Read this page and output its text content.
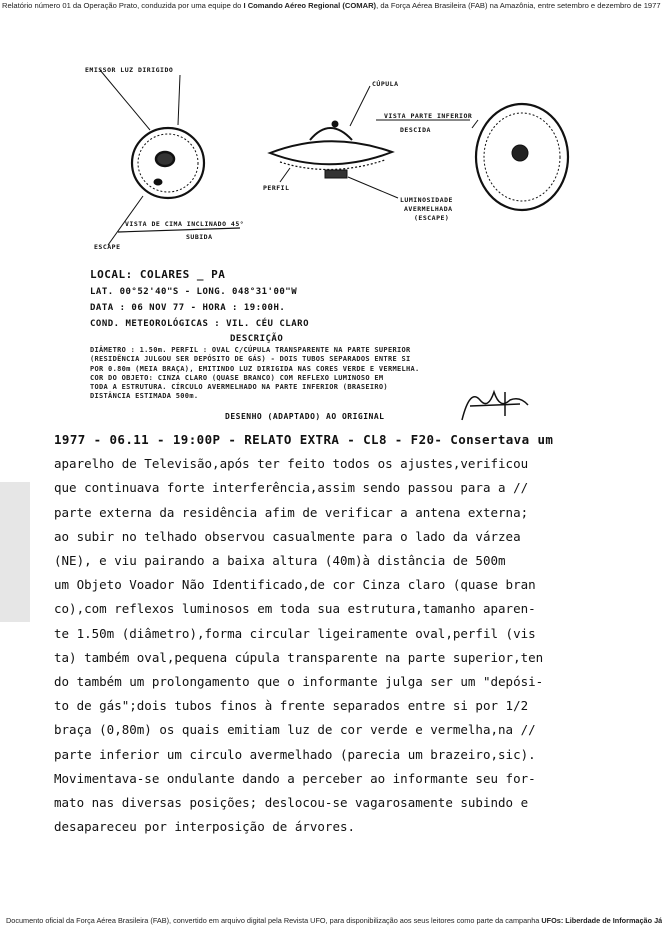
Relatório número 01 da Operação Prato, conduzida por uma equipe do I Comando Aéreo Regional (COMAR), da Força Aérea Brasileira (FAB) na Amazônia, entre setembro e dezembro de 1977
EMISSOR LUZ DIRIGIDO
CÚPULA
VISTA PARTE INFERIOR
DESCIDA
PERFIL
LUMINOSIDADE
AVERMELHADA
(ESCAPE)
VISTA DE CIMA INCLINADO 45°
SUBIDA
ESCAPE
LOCAL: COLARES _ PA
LAT. 00°52'40"S - LONG. 048°31'00"W
DATA : 06 NOV 77 - HORA : 19:00H.
COND. METEOROLÓGICAS : VIL. CÉU CLARO
DESCRIÇÃO
DIÂMETRO : 1.50m. PERFIL : OVAL C/CÚPULA TRANSPARENTE NA PARTE SUPERIOR
(RESIDÊNCIA JULGOU SER DEPÓSITO DE GÁS) - DOIS TUBOS SEPARADOS ENTRE SI
POR 0.80m (MEIA BRAÇA), EMITINDO LUZ DIRIGIDA NAS CORES VERDE E VERMELHA.
COR DO OBJETO: CINZA CLARO (QUASE BRANCO) COM REFLEXO LUMINOSO EM
TODA A ESTRUTURA. CÍRCULO AVERMELHADO NA PARTE INFERIOR (BRASEIRO)
DISTÂNCIA ESTIMADA 500m.
DESENHO (ADAPTADO) AO ORIGINAL
1977 - 06.11 - 19:00P - RELATO EXTRA - CL8 - F20- Consertava um
aparelho de Televisão,após ter feito todos os ajustes,verificou
que continuava forte interferência,assim sendo passou para a //
parte externa da residência afim de verificar a antena externa;
ao subir no telhado observou casualmente para o lado da várzea
(NE), e viu pairando a baixa altura (40m)à distância de 500m
um Objeto Voador Não Identificado,de cor Cinza claro (quase bran
co),com reflexos luminosos em toda sua estrutura,tamanho aparen-
te 1.50m (diâmetro),forma circular ligeiramente oval,perfil (vis
ta) também oval,pequena cúpula transparente na parte superior,ten
do também um prolongamento que o informante julga ser um "depósi-
to de gás";dois tubos finos à frente separados entre si por 1/2
braça (0,80m) os quais emitiam luz de cor verde e vermelha,na //
parte inferior um circulo avermelhado (parecia um brazeiro,sic).
Movimentava-se ondulante dando a perceber ao informante seu for-
mato nas diversas posições; deslocou-se vagarosamente subindo e
desapareceu por interposição de árvores.
Documento oficial da Força Aérea Brasileira (FAB), convertido em arquivo digital pela Revista UFO, para disponibilização aos seus leitores como parte da campanha UFOs: Liberdade de Informação Já
